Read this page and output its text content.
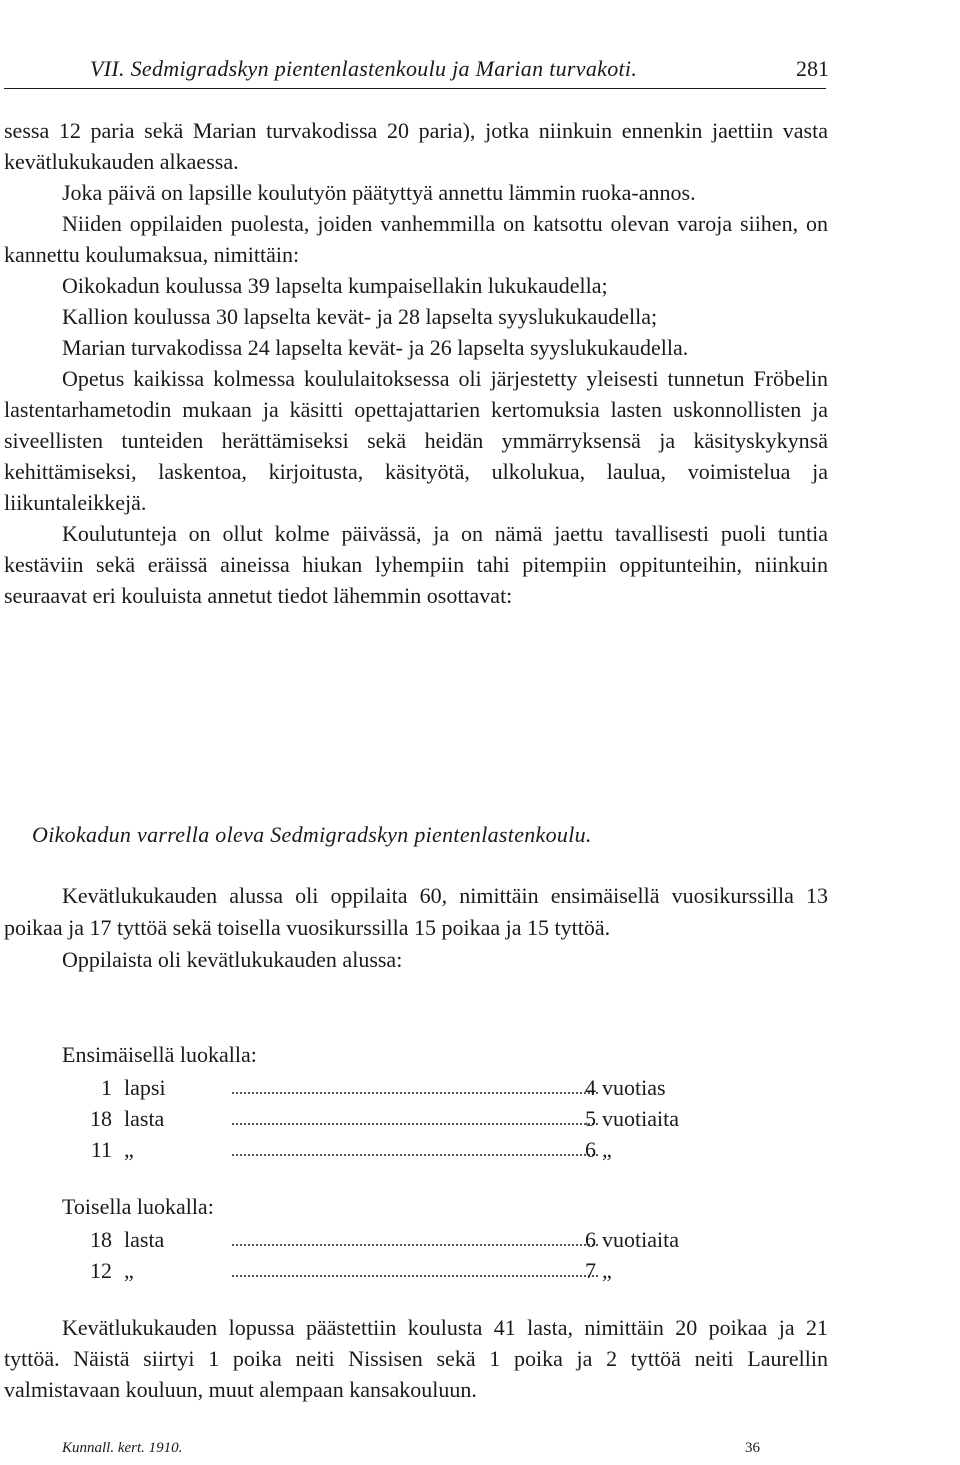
VII. Sedmigradskyn pientenlastenkoulu ja Marian turvakoti.	281

sessa 12 paria sekä Marian turvakodissa 20 paria), jotka niinkuin ennenkin jaettiin vasta kevätlukukauden alkaessa.

Joka päivä on lapsille koulutyön päätyttyä annettu lämmin ruoka-annos.

Niiden oppilaiden puolesta, joiden vanhemmilla on katsottu olevan varoja siihen, on kannettu koulumaksua, nimittäin:

Oikokadun koulussa 39 lapselta kumpaisellakin lukukaudella;

Kallion koulussa 30 lapselta kevät- ja 28 lapselta syyslukukaudella;

Marian turvakodissa 24 lapselta kevät- ja 26 lapselta syyslukukaudella.

Opetus kaikissa kolmessa koululaitoksessa oli järjestetty yleisesti tunnetun Fröbelin lastentarhametodin mukaan ja käsitti opettajattarien kertomuksia lasten uskonnollisten ja siveellisten tunteiden herättämiseksi sekä heidän ymmärryksensä ja käsityskykynsä kehittämiseksi, laskentoa, kirjoitusta, käsityötä, ulkolukua, laulua, voimistelua ja liikuntaleikkejä.

Koulutunteja on ollut kolme päivässä, ja on nämä jaettu tavallisesti puoli tuntia kestäviin sekä eräissä aineissa hiukan lyhempiin tahi pitempiin oppitunteihin, niinkuin seuraavat eri kouluista annetut tiedot lähemmin osottavat:

Oikokadun varrella oleva Sedmigradskyn pientenlastenkoulu.

Kevätlukukauden alussa oli oppilaita 60, nimittäin ensimäisellä vuosikurssilla 13 poikaa ja 17 tyttöä sekä toisella vuosikurssilla 15 poikaa ja 15 tyttöä.

Oppilaista oli kevätlukukauden alussa:

Ensimäisellä luokalla:
1 lapsi	4 vuotias
18 lasta	5 vuotiaita
11 „	6 „
Toisella luokalla:
18 lasta	6 vuotiaita
12 „	7 „

Kevätlukukauden lopussa päästettiin koulusta 41 lasta, nimittäin 20 poikaa ja 21 tyttöä. Näistä siirtyi 1 poika neiti Nissisen sekä 1 poika ja 2 tyttöä neiti Laurellin valmistavaan kouluun, muut alempaan kansakouluun.

Kunnall. kert. 1910.	36
